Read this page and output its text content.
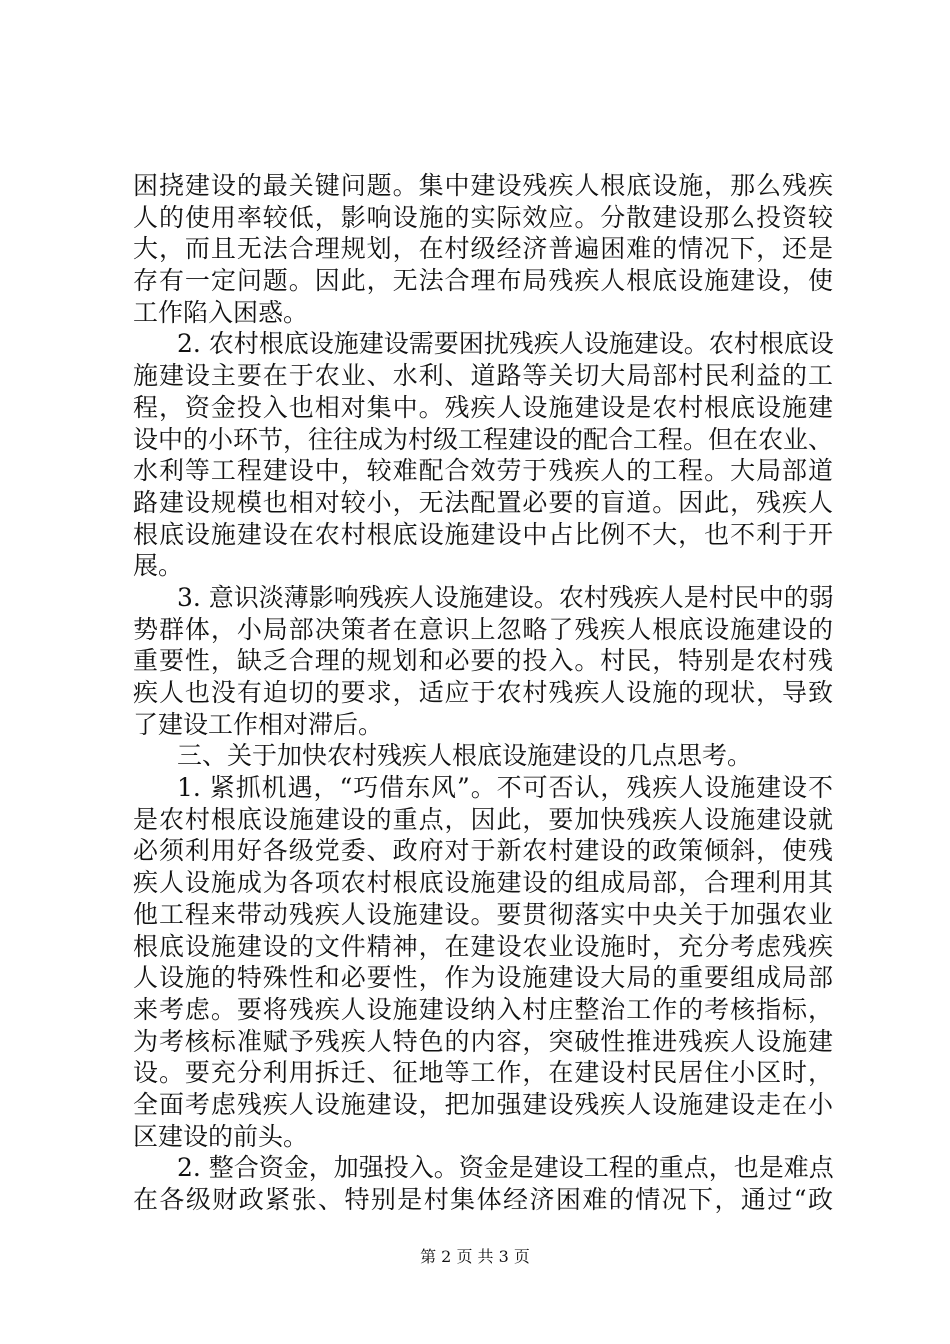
困挠建设的最关键问题。集中建设残疾人根底设施，那么残疾
人的使用率较低，影响设施的实际效应。分散建设那么投资较
大，而且无法合理规划，在村级经济普遍困难的情况下，还是
存有一定问题。因此，无法合理布局残疾人根底设施建设，使
工作陷入困惑。
2. 农村根底设施建设需要困扰残疾人设施建设。农村根底设
施建设主要在于农业、水利、道路等关切大局部村民利益的工
程，资金投入也相对集中。残疾人设施建设是农村根底设施建
设中的小环节，往往成为村级工程建设的配合工程。但在农业、
水利等工程建设中，较难配合效劳于残疾人的工程。大局部道
路建设规模也相对较小，无法配置必要的盲道。因此，残疾人
根底设施建设在农村根底设施建设中占比例不大，也不利于开
展。
3. 意识淡薄影响残疾人设施建设。农村残疾人是村民中的弱
势群体，小局部决策者在意识上忽略了残疾人根底设施建设的
重要性，缺乏合理的规划和必要的投入。村民，特别是农村残
疾人也没有迫切的要求，适应于农村残疾人设施的现状，导致
了建设工作相对滞后。
三、关于加快农村残疾人根底设施建设的几点思考。
1. 紧抓机遇，“巧借东风”。不可否认，残疾人设施建设不
是农村根底设施建设的重点，因此，要加快残疾人设施建设就
必须利用好各级党委、政府对于新农村建设的政策倾斜，使残
疾人设施成为各项农村根底设施建设的组成局部，合理利用其
他工程来带动残疾人设施建设。要贯彻落实中央关于加强农业
根底设施建设的文件精神，在建设农业设施时，充分考虑残疾
人设施的特殊性和必要性，作为设施建设大局的重要组成局部
来考虑。要将残疾人设施建设纳入村庄整治工作的考核指标，
为考核标准赋予残疾人特色的内容，突破性推进残疾人设施建
设。要充分利用拆迁、征地等工作，在建设村民居住小区时，
全面考虑残疾人设施建设，把加强建设残疾人设施建设走在小
区建设的前头。
2. 整合资金，加强投入。资金是建设工程的重点，也是难点
在各级财政紧张、特别是村集体经济困难的情况下，通过“政
第 2 页 共 3 页
